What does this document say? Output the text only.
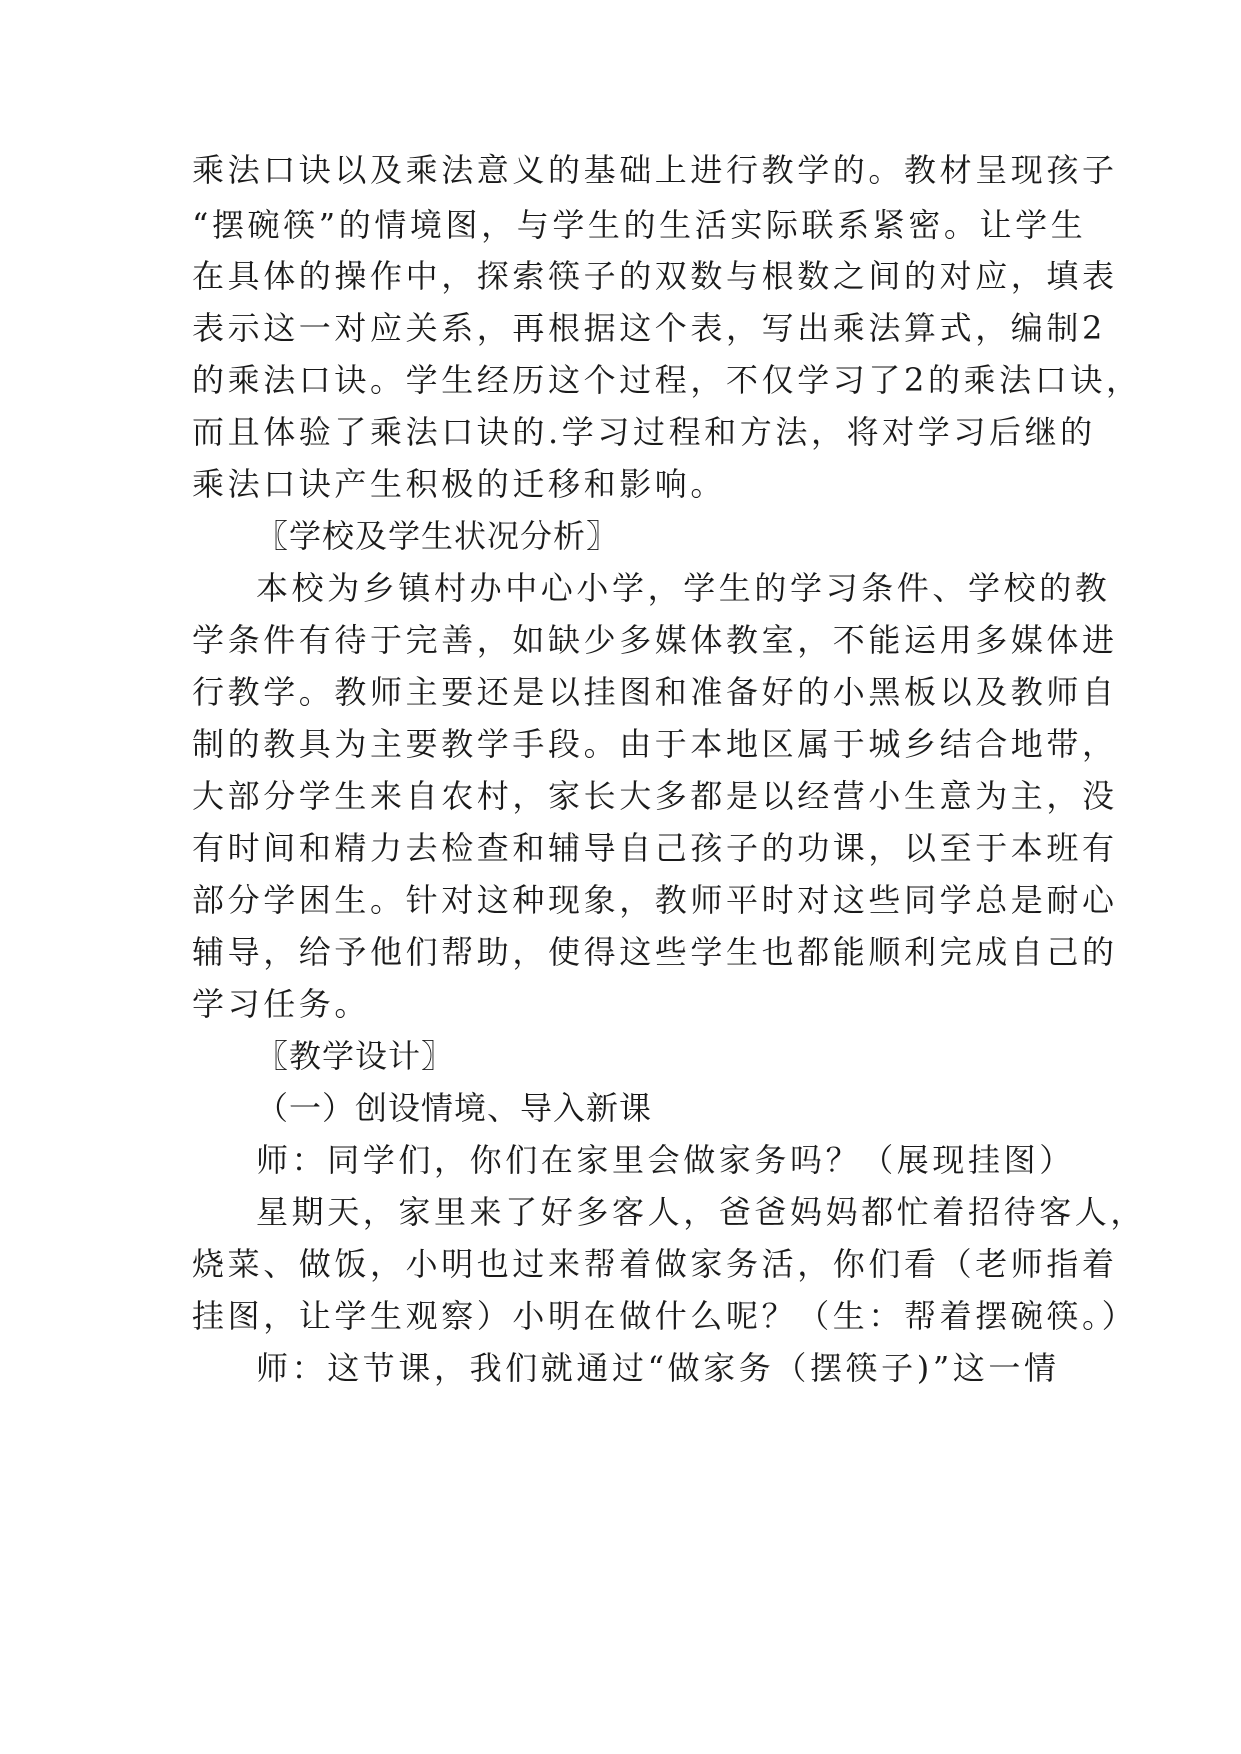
乘法口诀以及乘法意义的基础上进行教学的。教材呈现孩子
“摆碗筷”的情境图，与学生的生活实际联系紧密。让学生
在具体的操作中，探索筷子的双数与根数之间的对应，填表
表示这一对应关系，再根据这个表，写出乘法算式，编制2
的乘法口诀。学生经历这个过程，不仅学习了2的乘法口诀，
而且体验了乘法口诀的.学习过程和方法，将对学习后继的
乘法口诀产生积极的迁移和影响。
〖学校及学生状况分析〗
本校为乡镇村办中心小学，学生的学习条件、学校的教
学条件有待于完善，如缺少多媒体教室，不能运用多媒体进
行教学。教师主要还是以挂图和准备好的小黑板以及教师自
制的教具为主要教学手段。由于本地区属于城乡结合地带，
大部分学生来自农村，家长大多都是以经营小生意为主，没
有时间和精力去检查和辅导自己孩子的功课，以至于本班有
部分学困生。针对这种现象，教师平时对这些同学总是耐心
辅导，给予他们帮助，使得这些学生也都能顺利完成自己的
学习任务。
〖教学设计〗
（一）创设情境、导入新课
师：同学们，你们在家里会做家务吗？（展现挂图）
星期天，家里来了好多客人，爸爸妈妈都忙着招待客人，
烧菜、做饭，小明也过来帮着做家务活，你们看（老师指着
挂图，让学生观察）小明在做什么呢？（生：帮着摆碗筷。）
师：这节课，我们就通过“做家务（摆筷子)”这一情
